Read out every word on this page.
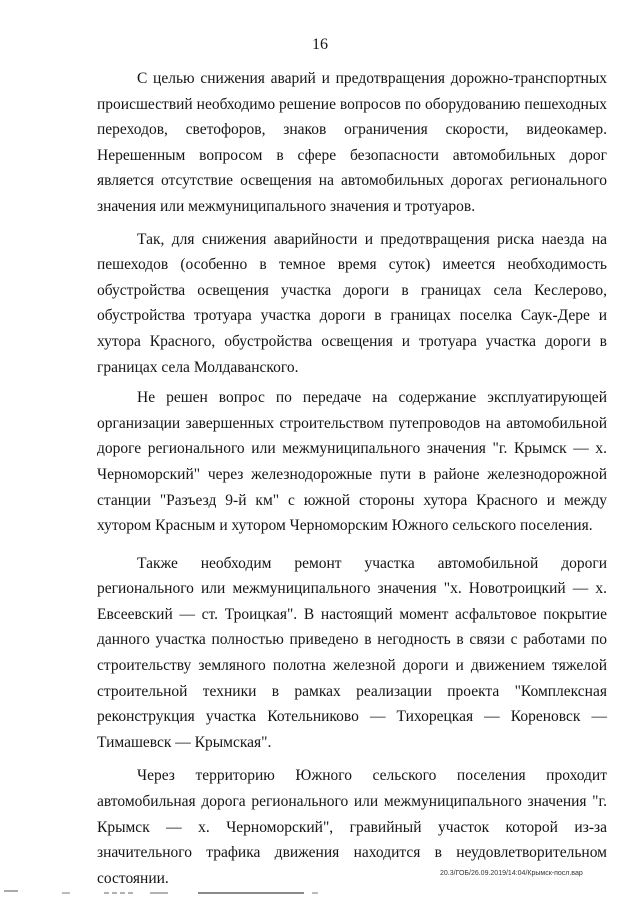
16

С целью снижения аварий и предотвращения дорожно-транспортных происшествий необходимо решение вопросов по оборудованию пешеходных переходов, светофоров, знаков ограничения скорости, видеокамер. Нерешенным вопросом в сфере безопасности автомобильных дорог является отсутствие освещения на автомобильных дорогах регионального значения или межмуниципального значения и тротуаров.

Так, для снижения аварийности и предотвращения риска наезда на пешеходов (особенно в темное время суток) имеется необходимость обустройства освещения участка дороги в границах села Кеслерово, обустройства тротуара участка дороги в границах поселка Саук-Дере и хутора Красного, обустройства освещения и тротуара участка дороги в границах села Молдаванского.

Не решен вопрос по передаче на содержание эксплуатирующей организации завершенных строительством путепроводов на автомобильной дороге регионального или межмуниципального значения "г. Крымск — х. Черноморский" через железнодорожные пути в районе железнодорожной станции "Разъезд 9-й км" с южной стороны хутора Красного и между хутором Красным и хутором Черноморским Южного сельского поселения.

Также необходим ремонт участка автомобильной дороги регионального или межмуниципального значения "х. Новотроицкий — х. Евсеевский — ст. Троицкая". В настоящий момент асфальтовое покрытие данного участка полностью приведено в негодность в связи с работами по строительству земляного полотна железной дороги и движением тяжелой строительной техники в рамках реализации проекта "Комплексная реконструкция участка Котельниково — Тихорецкая — Кореновск — Тимашевск — Крымская".

Через территорию Южного сельского поселения проходит автомобильная дорога регионального или межмуниципального значения "г. Крымск — х. Черноморский", гравийный участок которой из-за значительного трафика движения находится в неудовлетворительном состоянии.	20.3/ГОБ/26.09.2019/14:04/Крымск-посл.вар
